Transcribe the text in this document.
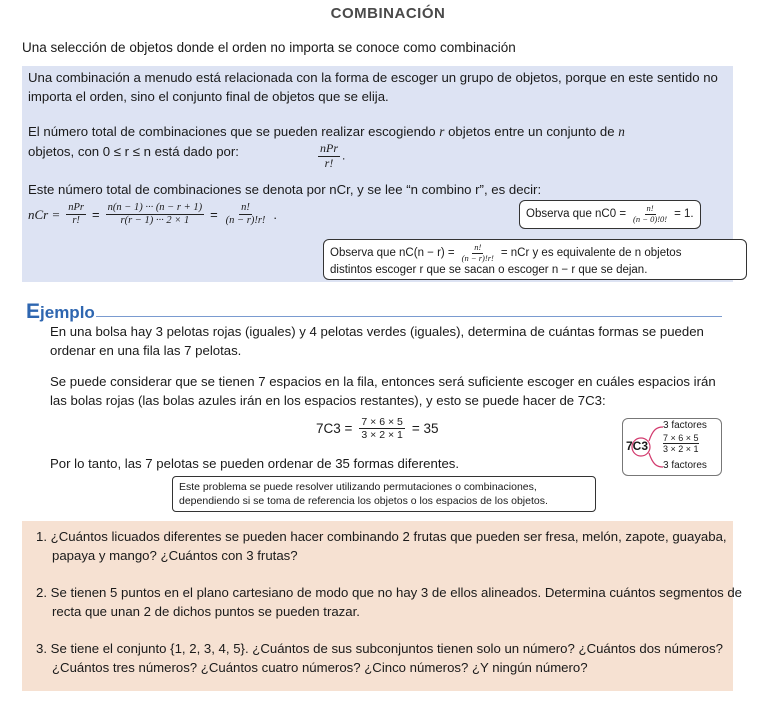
COMBINACIÓN
Una selección de objetos donde el orden no importa se conoce como combinación
Una combinación a menudo está relacionada con la forma de escoger un grupo de objetos, porque en este sentido no importa el orden, sino el conjunto final de objetos que se elija.
El número total de combinaciones que se pueden realizar escogiendo r objetos entre un conjunto de n
objetos, con 0 ≤ r ≤ n está dado por:	$\frac{\text{nPr}}{r!}$ .
Este número total de combinaciones se denota por nCr, y se lee “n combino r”, es decir:
nCr = $\frac{\text{nPr}}{r!} = \frac{n(n - 1) \cdot\cdot\cdot (n - r + 1)}{r(r - 1) \cdot\cdot\cdot 2 \times 1} = \frac{n!}{(n - r)!r!}$ .	Observa que $nC0 = \frac{n!}{(n - 0)!0!} = 1$.
Observa que $nC(n - r) = \frac{n!}{(n - r)!r!}$ = nCr y es equivalente de n objetos
distintos escoger r que se sacan o escoger n − r que se dejan.
Ejemplo
En una bolsa hay 3 pelotas rojas (iguales) y 4 pelotas verdes (iguales), determina de cuántas formas se pueden ordenar en una fila las 7 pelotas.
Se puede considerar que se tienen 7 espacios en la fila, entonces será suficiente escoger en cuáles espacios irán las bolas rojas (las bolas azules irán en los espacios restantes), y esto se puede hacer de 7C3:
$7C3 = \frac{7 \times 6 \times 5}{3 \times 2 \times 1} = 35$
Por lo tanto, las 7 pelotas se pueden ordenar de 35 formas diferentes.
3 factores
7C3
7 × 6 × 5
3 × 2 × 1
3 factores
Este problema se puede resolver utilizando permutaciones o combinaciones, dependiendo si se toma de referencia los objetos o los espacios de los objetos.
1. ¿Cuántos licuados diferentes se pueden hacer combinando 2 frutas que pueden ser fresa, melón, zapote, guayaba, papaya y mango? ¿Cuántos con 3 frutas?
2. Se tienen 5 puntos en el plano cartesiano de modo que no hay 3 de ellos alineados. Determina cuántos segmentos de recta que unan 2 de dichos puntos se pueden trazar.
3. Se tiene el conjunto {1, 2, 3, 4, 5}. ¿Cuántos de sus subconjuntos tienen solo un número? ¿Cuántos dos números? ¿Cuántos tres números? ¿Cuántos cuatro números? ¿Cinco números? ¿Y ningún número?
